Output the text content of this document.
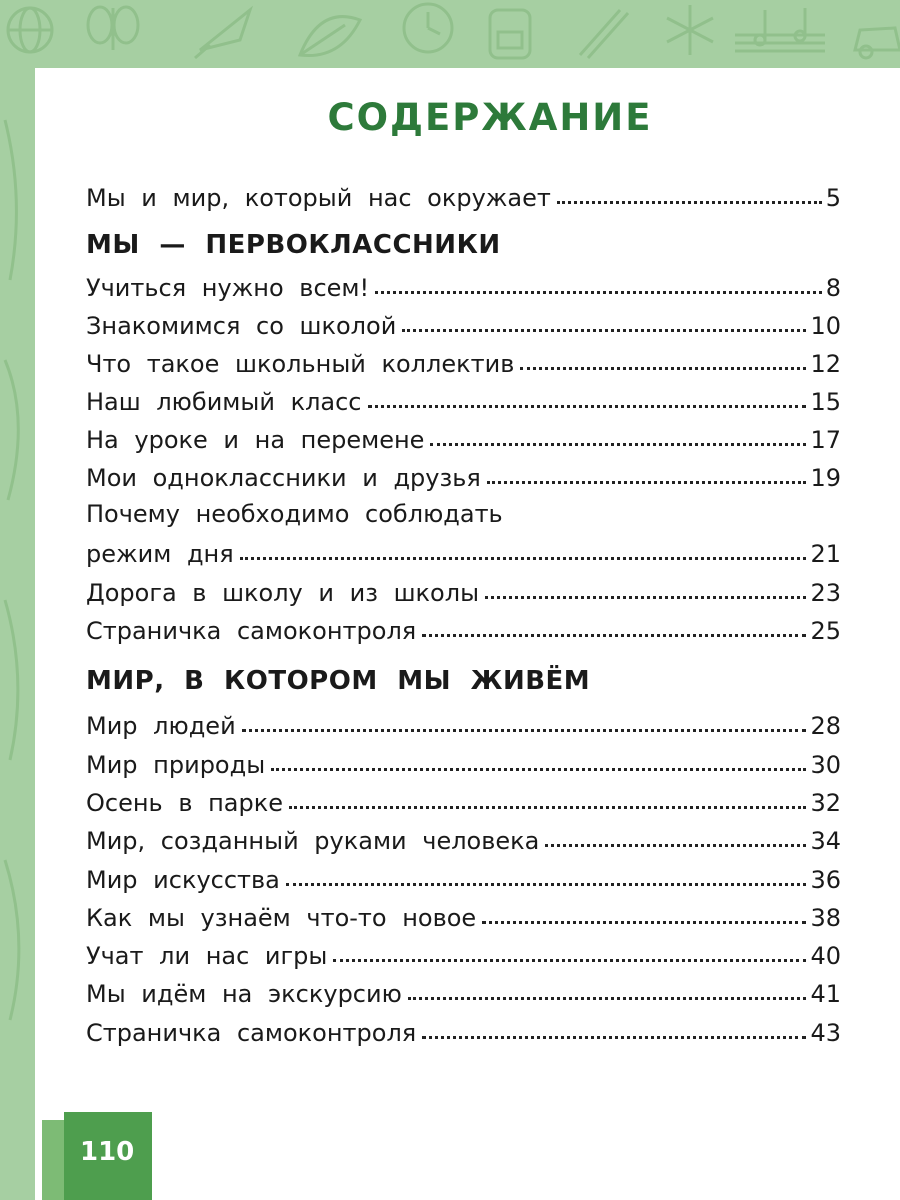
СОДЕРЖАНИЕ
Мы и мир, который нас окружает	5
МЫ — ПЕРВОКЛАССНИКИ
Учиться нужно всем!	8
Знакомимся со школой	10
Что такое школьный коллектив	12
Наш любимый класс	15
На уроке и на перемене	17
Мои одноклассники и друзья	19
Почему необходимо соблюдать
режим дня	21
Дорога в школу и из школы	23
Страничка самоконтроля	25
МИР, В КОТОРОМ МЫ ЖИВЁМ
Мир людей	28
Мир природы	30
Осень в парке	32
Мир, созданный руками человека	34
Мир искусства	36
Как мы узнаём что-то новое	38
Учат ли нас игры	40
Мы идём на экскурсию	41
Страничка самоконтроля	43
110
